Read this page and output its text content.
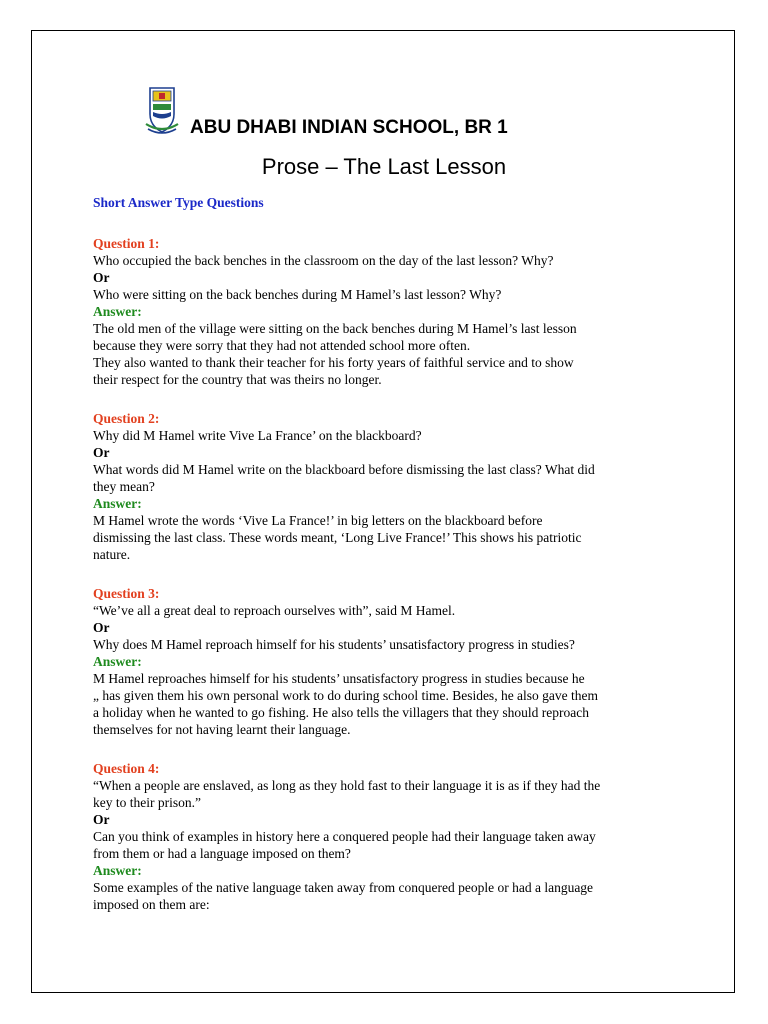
ABU DHABI INDIAN SCHOOL, BR 1
Prose – The Last Lesson
Short Answer Type Questions
Question 1:
Who occupied the back benches in the classroom on the day of the last lesson? Why?
Or
Who were sitting on the back benches during M Hamel’s last lesson? Why?
Answer:
The old men of the village were sitting on the back benches during M Hamel’s last lesson
because they were sorry that they had not attended school more often.
They also wanted to thank their teacher for his forty years of faithful service and to show
their respect for the country that was theirs no longer.
Question 2:
Why did M Hamel write Vive La France’ on the blackboard?
Or
What words did M Hamel write on the blackboard before dismissing the last class? What did
they mean?
Answer:
M Hamel wrote the words ‘Vive La France!’ in big letters on the blackboard before
dismissing the last class. These words meant, ‘Long Live France!’ This shows his patriotic
nature.
Question 3:
“We’ve all a great deal to reproach ourselves with”, said M Hamel.
Or
Why does M Hamel reproach himself for his students’ unsatisfactory progress in studies?
Answer:
M Hamel reproaches himself for his students’ unsatisfactory progress in studies because he
„ has given them his own personal work to do during school time. Besides, he also gave them
a holiday when he wanted to go fishing. He also tells the villagers that they should reproach
themselves for not having learnt their language.
Question 4:
“When a people are enslaved, as long as they hold fast to their language it is as if they had the
key to their prison.”
Or
Can you think of examples in history here a conquered people had their language taken away
from them or had a language imposed on them?
Answer:
Some examples of the native language taken away from conquered people or had a language
imposed on them are:
